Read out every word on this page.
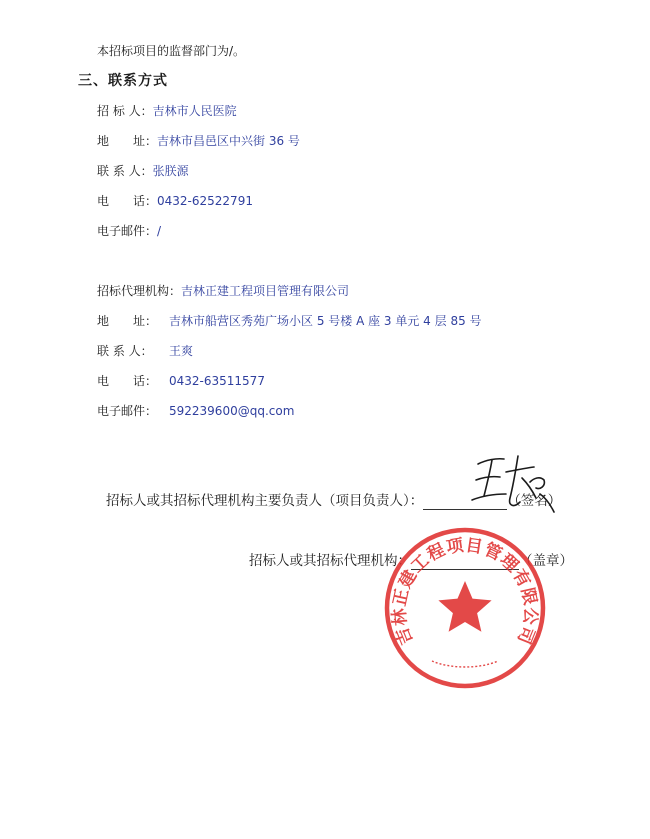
本招标项目的监督部门为/。
三、联系方式
招 标 人：吉林市人民医院
地　　址：吉林市昌邑区中兴街 36 号
联 系 人：张朕源
电　　话：0432-62522791
电子邮件：/
招标代理机构：吉林正建工程项目管理有限公司
地　　址： 吉林市船营区秀苑广场小区 5 号楼 A 座 3 单元 4 层 85 号
联 系 人： 王爽
电　　话： 0432-63511577
电子邮件： 592239600@qq.com
招标人或其招标代理机构主要负责人（项目负责人）：	（签名）
招标人或其招标代理机构：	（盖章）
吉林正建工程项目管理有限公司
